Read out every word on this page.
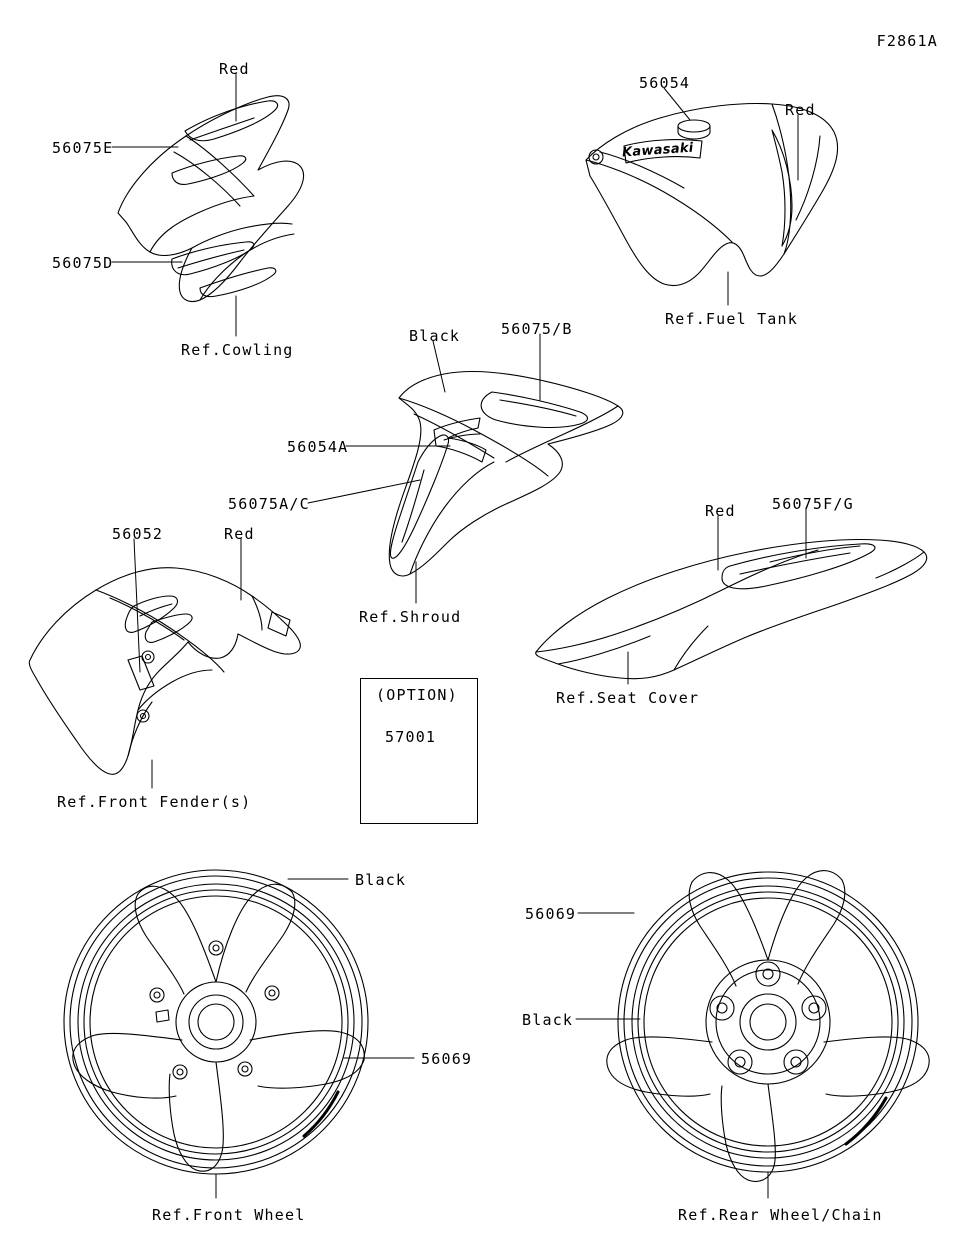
F2861A
Kawasaki
(OPTION)
57001
56075E
56075D
Red
Ref.Cowling
56054
Red
Ref.Fuel Tank
Black	56075/B
56054A
56075A/C
Ref.Shroud
56052	Red
Ref.Front Fender(s)
Red 56075F/G
Ref.Seat Cover
Black
56069
Ref.Front Wheel
56069
Black
Ref.Rear Wheel/Chain
